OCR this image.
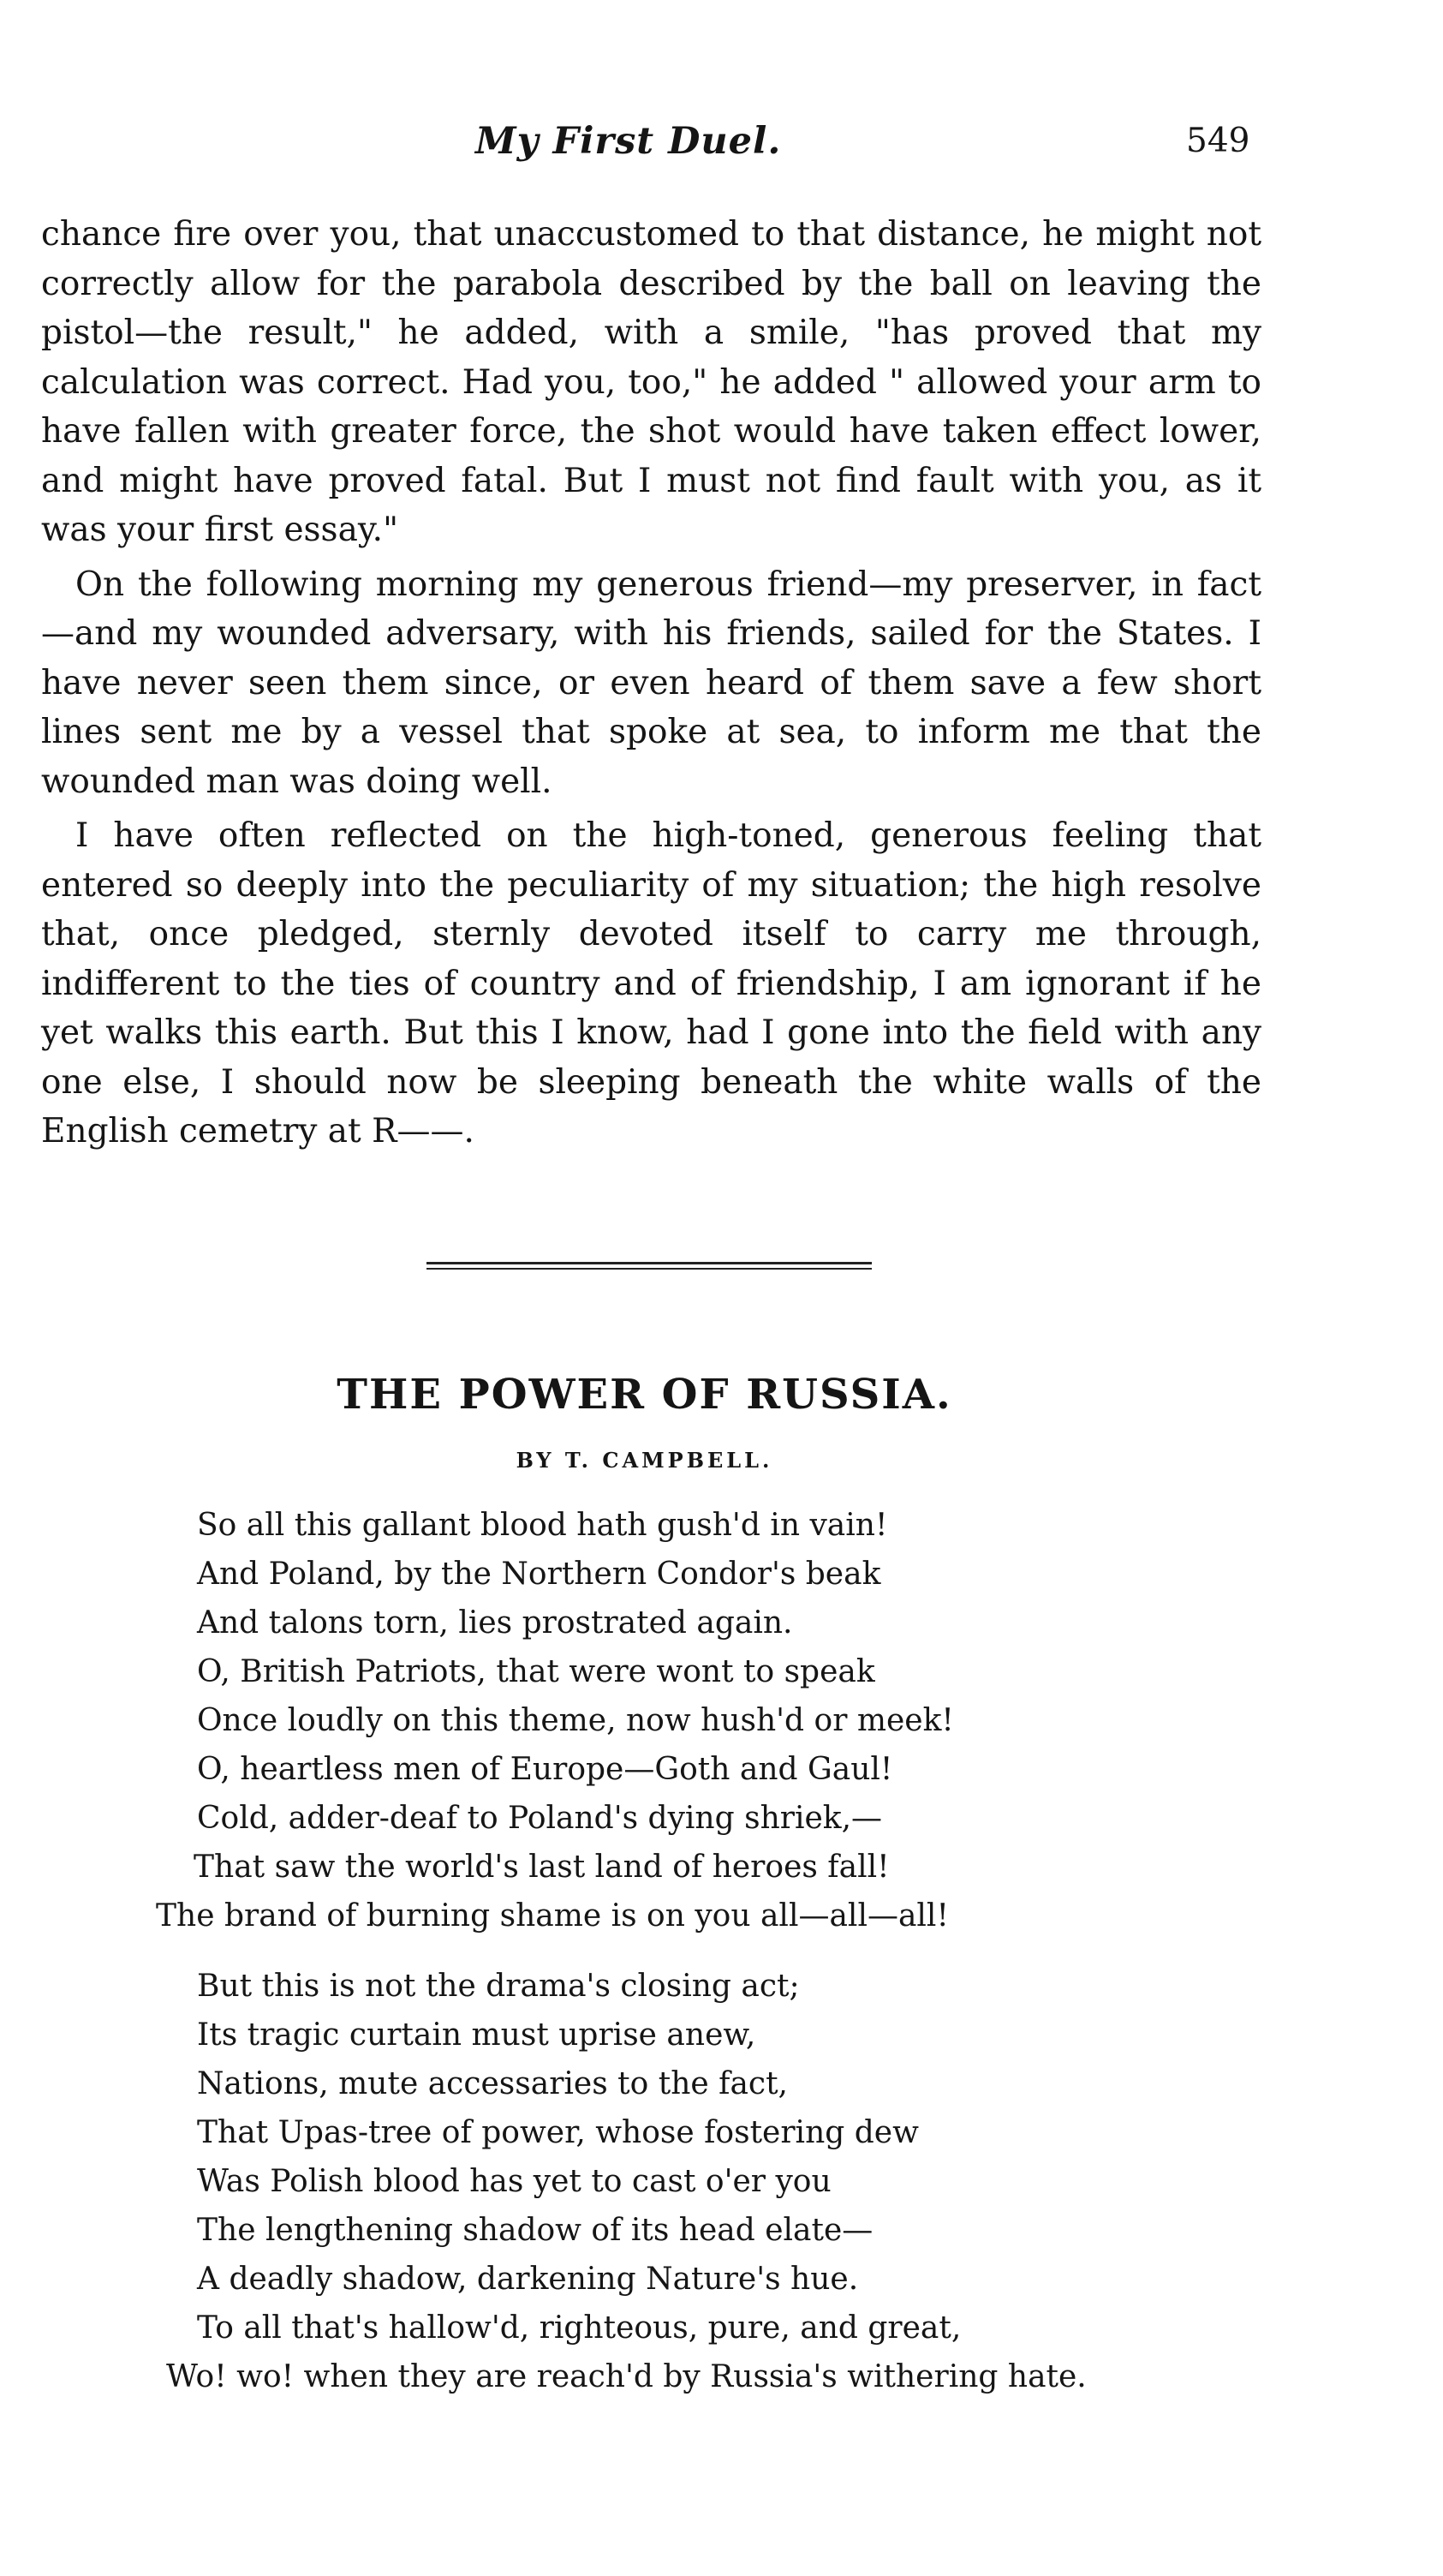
My First Duel.	549

chance fire over you, that unaccustomed to that distance, he might not correctly allow for the parabola described by the ball on leaving the pistol—the result," he added, with a smile, "has proved that my calculation was correct. Had you, too," he added " allowed your arm to have fallen with greater force, the shot would have taken effect lower, and might have proved fatal. But I must not find fault with you, as it was your first essay."

On the following morning my generous friend—my preserver, in fact—and my wounded adversary, with his friends, sailed for the States. I have never seen them since, or even heard of them save a few short lines sent me by a vessel that spoke at sea, to inform me that the wounded man was doing well.

I have often reflected on the high-toned, generous feeling that entered so deeply into the peculiarity of my situation; the high resolve that, once pledged, sternly devoted itself to carry me through, indifferent to the ties of country and of friendship, I am ignorant if he yet walks this earth. But this I know, had I gone into the field with any one else, I should now be sleeping beneath the white walls of the English cemetry at R——.

THE POWER OF RUSSIA.
BY T. CAMPBELL.
So all this gallant blood hath gush'd in vain!
And Poland, by the Northern Condor's beak
And talons torn, lies prostrated again.
O, British Patriots, that were wont to speak
Once loudly on this theme, now hush'd or meek!
O, heartless men of Europe—Goth and Gaul!
Cold, adder-deaf to Poland's dying shriek,—
That saw the world's last land of heroes fall!
The brand of burning shame is on you all—all—all!
But this is not the drama's closing act;
Its tragic curtain must uprise anew,
Nations, mute accessaries to the fact,
That Upas-tree of power, whose fostering dew
Was Polish blood has yet to cast o'er you
The lengthening shadow of its head elate—
A deadly shadow, darkening Nature's hue.
To all that's hallow'd, righteous, pure, and great,
Wo! wo! when they are reach'd by Russia's withering hate.
